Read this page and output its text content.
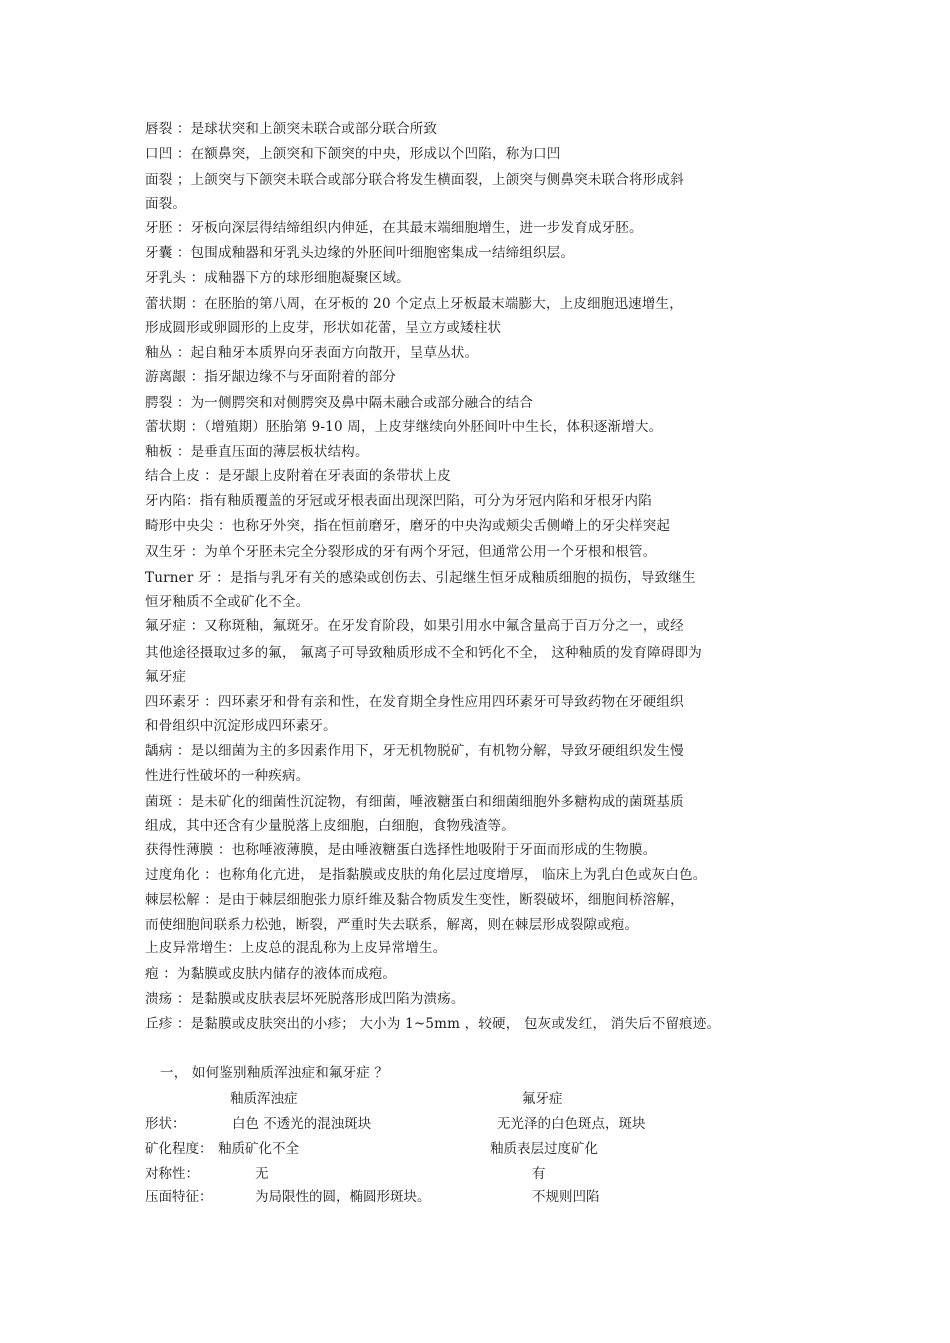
唇裂 ：是球状突和上颌突未联合或部分联合所致
口凹 ：在额鼻突，上颌突和下颌突的中央，形成以个凹陷，称为口凹
面裂 ；上颌突与下颌突未联合或部分联合将发生横面裂，上颌突与侧鼻突未联合将形成斜
面裂。
牙胚 ：牙板向深层得结缔组织内伸延，在其最末端细胞增生，进一步发育成牙胚。
牙囊 ：包围成釉器和牙乳头边缘的外胚间叶细胞密集成一结缔组织层。
牙乳头 ：成釉器下方的球形细胞凝聚区域。
蕾状期 ：在胚胎的第八周，在牙板的 20 个定点上牙板最末端膨大，上皮细胞迅速增生，
形成圆形或卵圆形的上皮芽，形状如花蕾，呈立方或矮柱状
釉丛 ：起自釉牙本质界向牙表面方向散开，呈草丛状。
游离龈 ：指牙龈边缘不与牙面附着的部分
腭裂 ：为一侧腭突和对侧腭突及鼻中隔未融合或部分融合的结合
蕾状期 ：（增殖期）胚胎第 9-10 周，上皮芽继续向外胚间叶中生长，体积逐渐增大。
釉板 ：是垂直压面的薄层板状结构。
结合上皮 ：是牙龈上皮附着在牙表面的条带状上皮
牙内陷：指有釉质覆盖的牙冠或牙根表面出现深凹陷，可分为牙冠内陷和牙根牙内陷
畸形中央尖 ：也称牙外突，指在恒前磨牙，磨牙的中央沟或颊尖舌侧嵴上的牙尖样突起
双生牙 ：为单个牙胚未完全分裂形成的牙有两个牙冠，但通常公用一个牙根和根管。
Turner 牙 ：是指与乳牙有关的感染或创伤去、引起继生恒牙成釉质细胞的损伤，导致继生
恒牙釉质不全或矿化不全。
氟牙症 ：又称斑釉，氟斑牙。在牙发育阶段，如果引用水中氟含量高于百万分之一，或经
其他途径摄取过多的氟， 氟离子可导致釉质形成不全和钙化不全， 这种釉质的发育障碍即为
氟牙症
四环素牙 ：四环素牙和骨有亲和性，在发育期全身性应用四环素牙可导致药物在牙硬组织
和骨组织中沉淀形成四环素牙。
龋病 ：是以细菌为主的多因素作用下，牙无机物脱矿，有机物分解，导致牙硬组织发生慢
性进行性破坏的一种疾病。
菌斑 ：是未矿化的细菌性沉淀物，有细菌，唾液糖蛋白和细菌细胞外多糖构成的菌斑基质
组成，其中还含有少量脱落上皮细胞，白细胞，食物残渣等。
获得性薄膜 ：也称唾液薄膜，是由唾液糖蛋白选择性地吸附于牙面而形成的生物膜。
过度角化 ：也称角化亢进， 是指黏膜或皮肤的角化层过度增厚， 临床上为乳白色或灰白色。
棘层松解 ：是由于棘层细胞张力原纤维及黏合物质发生变性，断裂破坏，细胞间桥溶解，
而使细胞间联系力松弛，断裂，严重时失去联系，解离，则在棘层形成裂隙或疱。
上皮异常增生：上皮总的混乱称为上皮异常增生。
疱 ：为黏膜或皮肤内储存的液体而成疱。
溃疡 ：是黏膜或皮肤表层坏死脱落形成凹陷为溃疡。
丘疹 ：是黏膜或皮肤突出的小疹； 大小为 1~5mm ，较硬， 包灰或发红， 消失后不留痕迹。
一， 如何鉴别釉质浑浊症和氟牙症 ？
釉质浑浊症	氟牙症
形状：	白色 不透光的混浊斑块	无光泽的白色斑点，斑块
矿化程度： 釉质矿化不全	釉质表层过度矿化
对称性：	无	有
压面特征：	为局限性的圆，椭圆形斑块。	不规则凹陷
